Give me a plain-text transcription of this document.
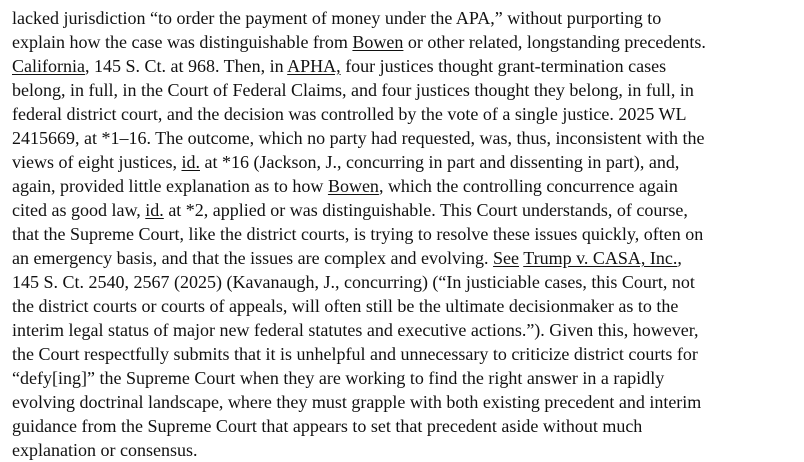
lacked jurisdiction “to order the payment of money under the APA,” without purporting to
explain how the case was distinguishable from Bowen or other related, longstanding precedents.
California, 145 S. Ct. at 968. Then, in APHA, four justices thought grant-termination cases
belong, in full, in the Court of Federal Claims, and four justices thought they belong, in full, in
federal district court, and the decision was controlled by the vote of a single justice. 2025 WL
2415669, at *1–16. The outcome, which no party had requested, was, thus, inconsistent with the
views of eight justices, id. at *16 (Jackson, J., concurring in part and dissenting in part), and,
again, provided little explanation as to how Bowen, which the controlling concurrence again
cited as good law, id. at *2, applied or was distinguishable. This Court understands, of course,
that the Supreme Court, like the district courts, is trying to resolve these issues quickly, often on
an emergency basis, and that the issues are complex and evolving. See Trump v. CASA, Inc.,
145 S. Ct. 2540, 2567 (2025) (Kavanaugh, J., concurring) (“In justiciable cases, this Court, not
the district courts or courts of appeals, will often still be the ultimate decisionmaker as to the
interim legal status of major new federal statutes and executive actions.”). Given this, however,
the Court respectfully submits that it is unhelpful and unnecessary to criticize district courts for
“defy[ing]” the Supreme Court when they are working to find the right answer in a rapidly
evolving doctrinal landscape, where they must grapple with both existing precedent and interim
guidance from the Supreme Court that appears to set that precedent aside without much
explanation or consensus.
